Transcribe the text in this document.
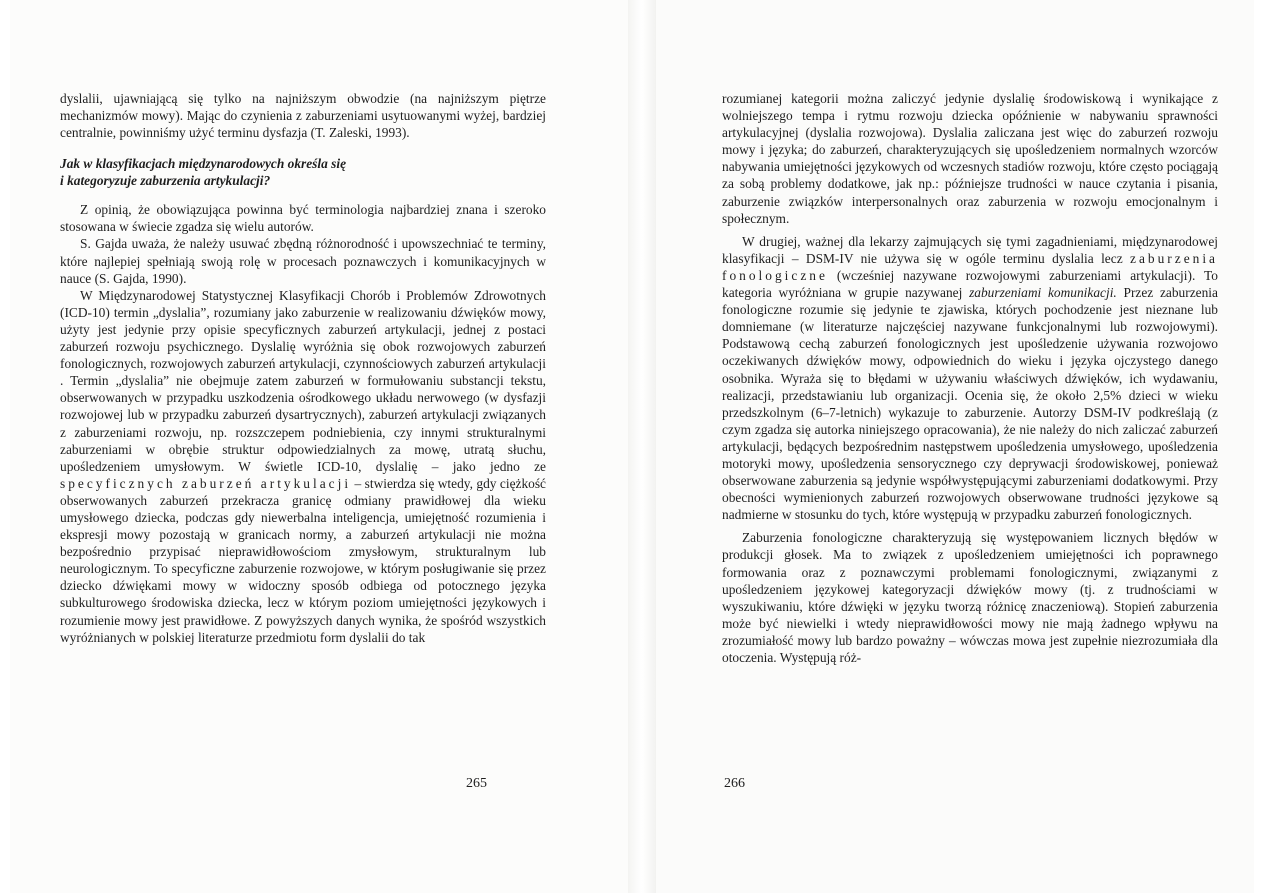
dyslalii, ujawniającą się tylko na najniższym obwodzie (na najniższym piętrze mechanizmów mowy). Mając do czynienia z zaburzeniami usytuowanymi wyżej, bardziej centralnie, powinniśmy użyć terminu dysfazja (T. Zaleski, 1993).

Jak w klasyfikacjach międzynarodowych określa się
i kategoryzuje zaburzenia artykulacji?

Z opinią, że obowiązująca powinna być terminologia najbardziej znana i szeroko stosowana w świecie zgadza się wielu autorów.

S. Gajda uważa, że należy usuwać zbędną różnorodność i upowszechniać te terminy, które najlepiej spełniają swoją rolę w procesach poznawczych i komunikacyjnych w nauce (S. Gajda, 1990).

W Międzynarodowej Statystycznej Klasyfikacji Chorób i Problemów Zdrowotnych (ICD-10) termin „dyslalia”, rozumiany jako zaburzenie w realizowaniu dźwięków mowy, użyty jest jedynie przy opisie specyficznych zaburzeń artykulacji, jednej z postaci zaburzeń rozwoju psychicznego. Dyslalię wyróżnia się obok rozwojowych zaburzeń fonologicznych, rozwojowych zaburzeń artykulacji, czynnościowych zaburzeń artykulacji . Termin „dyslalia” nie obejmuje zatem zaburzeń w formułowaniu substancji tekstu, obserwowanych w przypadku uszkodzenia ośrodkowego układu nerwowego (w dysfazji rozwojowej lub w przypadku zaburzeń dysartrycznych), zaburzeń artykulacji związanych z zaburzeniami rozwoju, np. rozszczepem podniebienia, czy innymi strukturalnymi zaburzeniami w obrębie struktur odpowiedzialnych za mowę, utratą słuchu, upośledzeniem umysłowym. W świetle ICD-10, dyslalię – jako jedno ze specyficznych zaburzeń artykulacji – stwierdza się wtedy, gdy ciężkość obserwowanych zaburzeń przekracza granicę odmiany prawidłowej dla wieku umysłowego dziecka, podczas gdy niewerbalna inteligencja, umiejętność rozumienia i ekspresji mowy pozostają w granicach normy, a zaburzeń artykulacji nie można bezpośrednio przypisać nieprawidłowościom zmysłowym, strukturalnym lub neurologicznym. To specyficzne zaburzenie rozwojowe, w którym posługiwanie się przez dziecko dźwiękami mowy w widoczny sposób odbiega od potocznego języka subkulturowego środowiska dziecka, lecz w którym poziom umiejętności językowych i rozumienie mowy jest prawidłowe. Z powyższych danych wynika, że spośród wszystkich wyróżnianych w polskiej literaturze przedmiotu form dyslalii do tak

265

rozumianej kategorii można zaliczyć jedynie dyslalię środowiskową i wynikające z wolniejszego tempa i rytmu rozwoju dziecka opóźnienie w nabywaniu sprawności artykulacyjnej (dyslalia rozwojowa). Dyslalia zaliczana jest więc do zaburzeń rozwoju mowy i języka; do zaburzeń, charakteryzujących się upośledzeniem normalnych wzorców nabywania umiejętności językowych od wczesnych stadiów rozwoju, które często pociągają za sobą problemy dodatkowe, jak np.: późniejsze trudności w nauce czytania i pisania, zaburzenie związków interpersonalnych oraz zaburzenia w rozwoju emocjonalnym i społecznym.

W drugiej, ważnej dla lekarzy zajmujących się tymi zagadnieniami, międzynarodowej klasyfikacji – DSM-IV nie używa się w ogóle terminu dyslalia lecz zaburzenia fonologiczne (wcześniej nazywane rozwojowymi zaburzeniami artykulacji). To kategoria wyróżniana w grupie nazywanej zaburzeniami komunikacji. Przez zaburzenia fonologiczne rozumie się jedynie te zjawiska, których pochodzenie jest nieznane lub domniemane (w literaturze najczęściej nazywane funkcjonalnymi lub rozwojowymi). Podstawową cechą zaburzeń fonologicznych jest upośledzenie używania rozwojowo oczekiwanych dźwięków mowy, odpowiednich do wieku i języka ojczystego danego osobnika. Wyraża się to błędami w używaniu właściwych dźwięków, ich wydawaniu, realizacji, przedstawianiu lub organizacji. Ocenia się, że około 2,5% dzieci w wieku przedszkolnym (6–7-letnich) wykazuje to zaburzenie. Autorzy DSM-IV podkreślają (z czym zgadza się autorka niniejszego opracowania), że nie należy do nich zaliczać zaburzeń artykulacji, będących bezpośrednim następstwem upośledzenia umysłowego, upośledzenia motoryki mowy, upośledzenia sensorycznego czy deprywacji środowiskowej, ponieważ obserwowane zaburzenia są jedynie współwystępującymi zaburzeniami dodatkowymi. Przy obecności wymienionych zaburzeń rozwojowych obserwowane trudności językowe są nadmierne w stosunku do tych, które występują w przypadku zaburzeń fonologicznych.

Zaburzenia fonologiczne charakteryzują się występowaniem licznych błędów w produkcji głosek. Ma to związek z upośledzeniem umiejętności ich poprawnego formowania oraz z poznawczymi problemami fonologicznymi, związanymi z upośledzeniem językowej kategoryzacji dźwięków mowy (tj. z trudnościami w wyszukiwaniu, które dźwięki w języku tworzą różnicę znaczeniową). Stopień zaburzenia może być niewielki i wtedy nieprawidłowości mowy nie mają żadnego wpływu na zrozumiałość mowy lub bardzo poważny – wówczas mowa jest zupełnie niezrozumiała dla otoczenia. Występują róż-

266
